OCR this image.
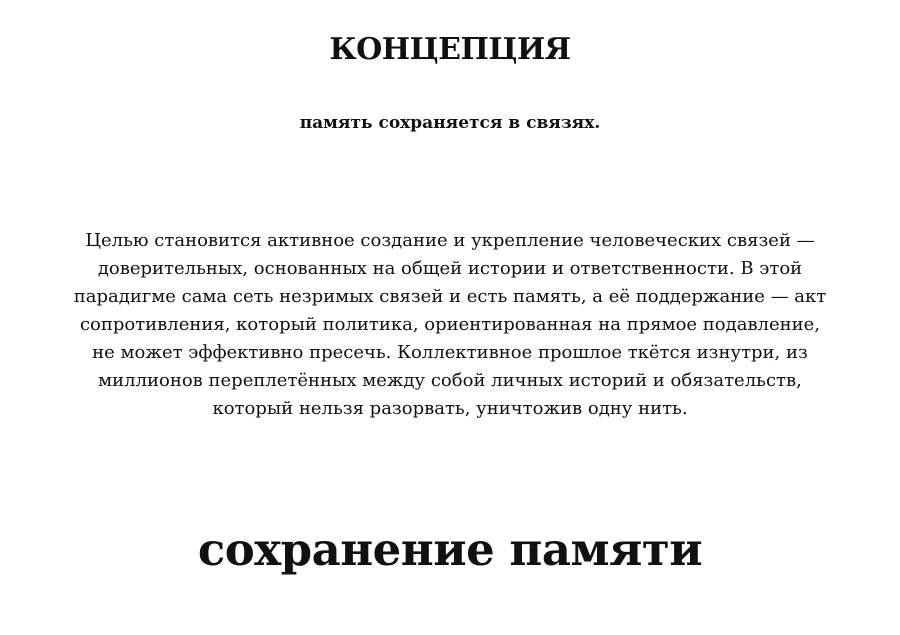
КОНЦЕПЦИЯ
память сохраняется в связях.

Целью становится активное создание и укрепление человеческих связей —
доверительных, основанных на общей истории и ответственности. В этой
парадигме сама сеть незримых связей и есть память, а её поддержание — акт
сопротивления, который политика, ориентированная на прямое подавление,
не может эффективно пресечь. Коллективное прошлое ткётся изнутри, из
миллионов переплетённых между собой личных историй и обязательств,
который нельзя разорвать, уничтожив одну нить.

сохранение памяти
